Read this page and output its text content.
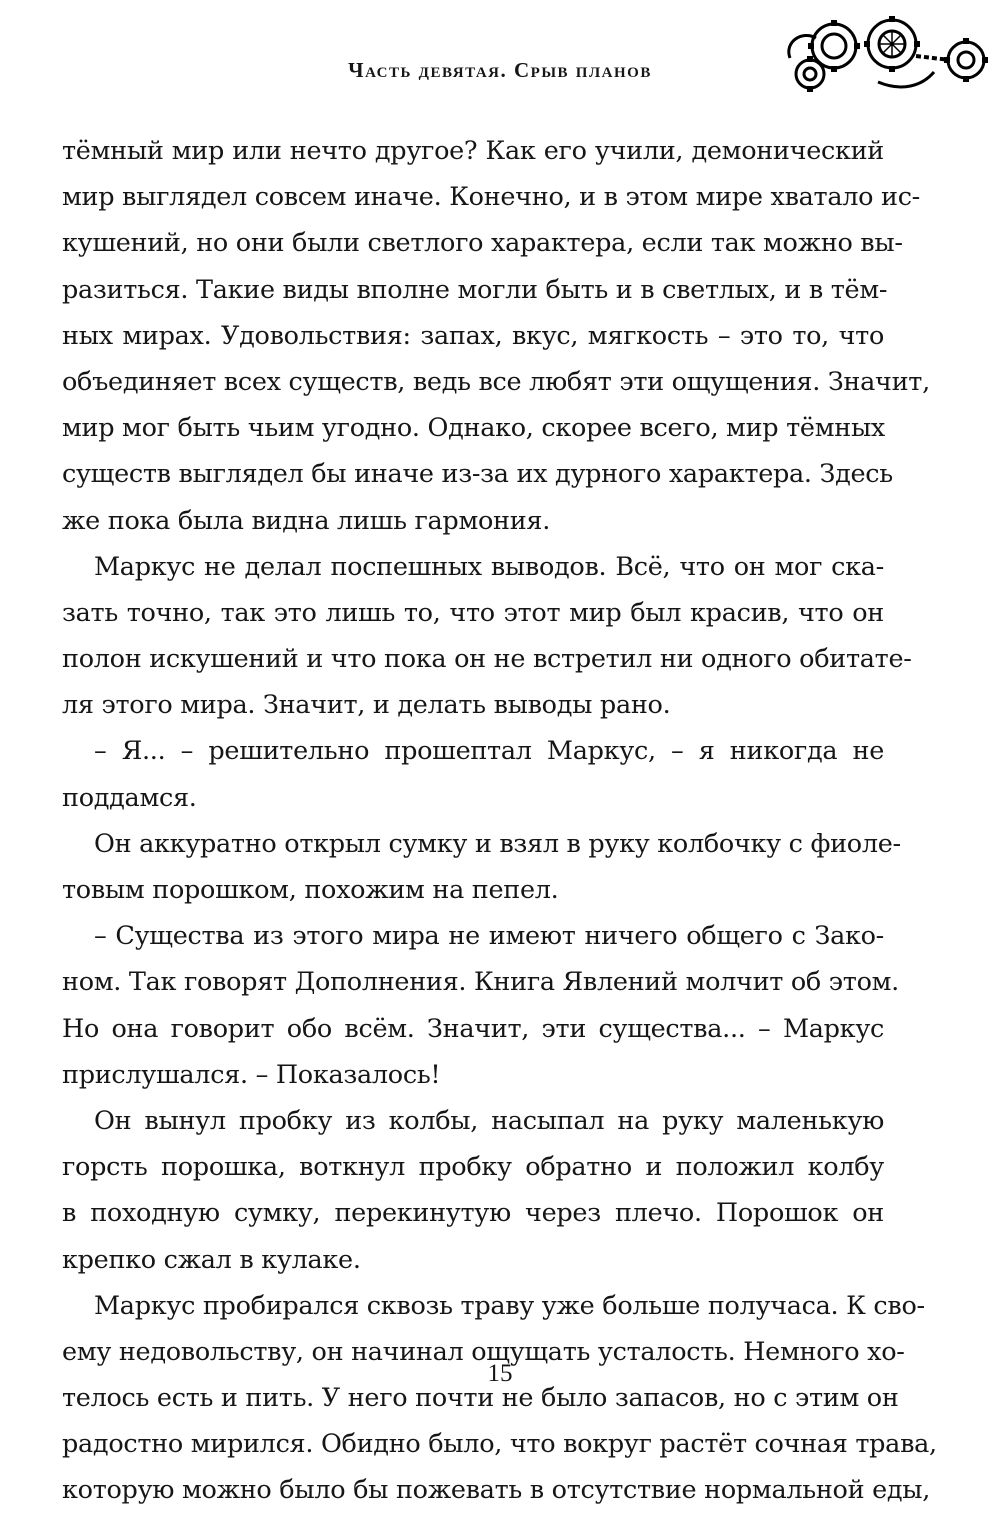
Часть девятая. Срыв планов
тёмный мир или нечто другое? Как его учили, демонический
мир выглядел совсем иначе. Конечно, и в этом мире хватало ис-
кушений, но они были светлого характера, если так можно вы-
разиться. Такие виды вполне могли быть и в светлых, и в тём-
ных мирах. Удовольствия: запах, вкус, мягкость – это то, что
объединяет всех существ, ведь все любят эти ощущения. Значит,
мир мог быть чьим угодно. Однако, скорее всего, мир тёмных
существ выглядел бы иначе из-за их дурного характера. Здесь
же пока была видна лишь гармония.
Маркус не делал поспешных выводов. Всё, что он мог ска-
зать точно, так это лишь то, что этот мир был красив, что он
полон искушений и что пока он не встретил ни одного обитате-
ля этого мира. Значит, и делать выводы рано.
– Я... – решительно прошептал Маркус, – я никогда не
поддамся.
Он аккуратно открыл сумку и взял в руку колбочку с фиоле-
товым порошком, похожим на пепел.
– Существа из этого мира не имеют ничего общего с Зако-
ном. Так говорят Дополнения. Книга Явлений молчит об этом.
Но она говорит обо всём. Значит, эти существа... – Маркус
прислушался. – Показалось!
Он вынул пробку из колбы, насыпал на руку маленькую
горсть порошка, воткнул пробку обратно и положил колбу
в походную сумку, перекинутую через плечо. Порошок он
крепко сжал в кулаке.
Маркус пробирался сквозь траву уже больше получаса. К сво-
ему недовольству, он начинал ощущать усталость. Немного хо-
телось есть и пить. У него почти не было запасов, но с этим он
радостно мирился. Обидно было, что вокруг растёт сочная трава,
которую можно было бы пожевать в отсутствие нормальной еды,
15
